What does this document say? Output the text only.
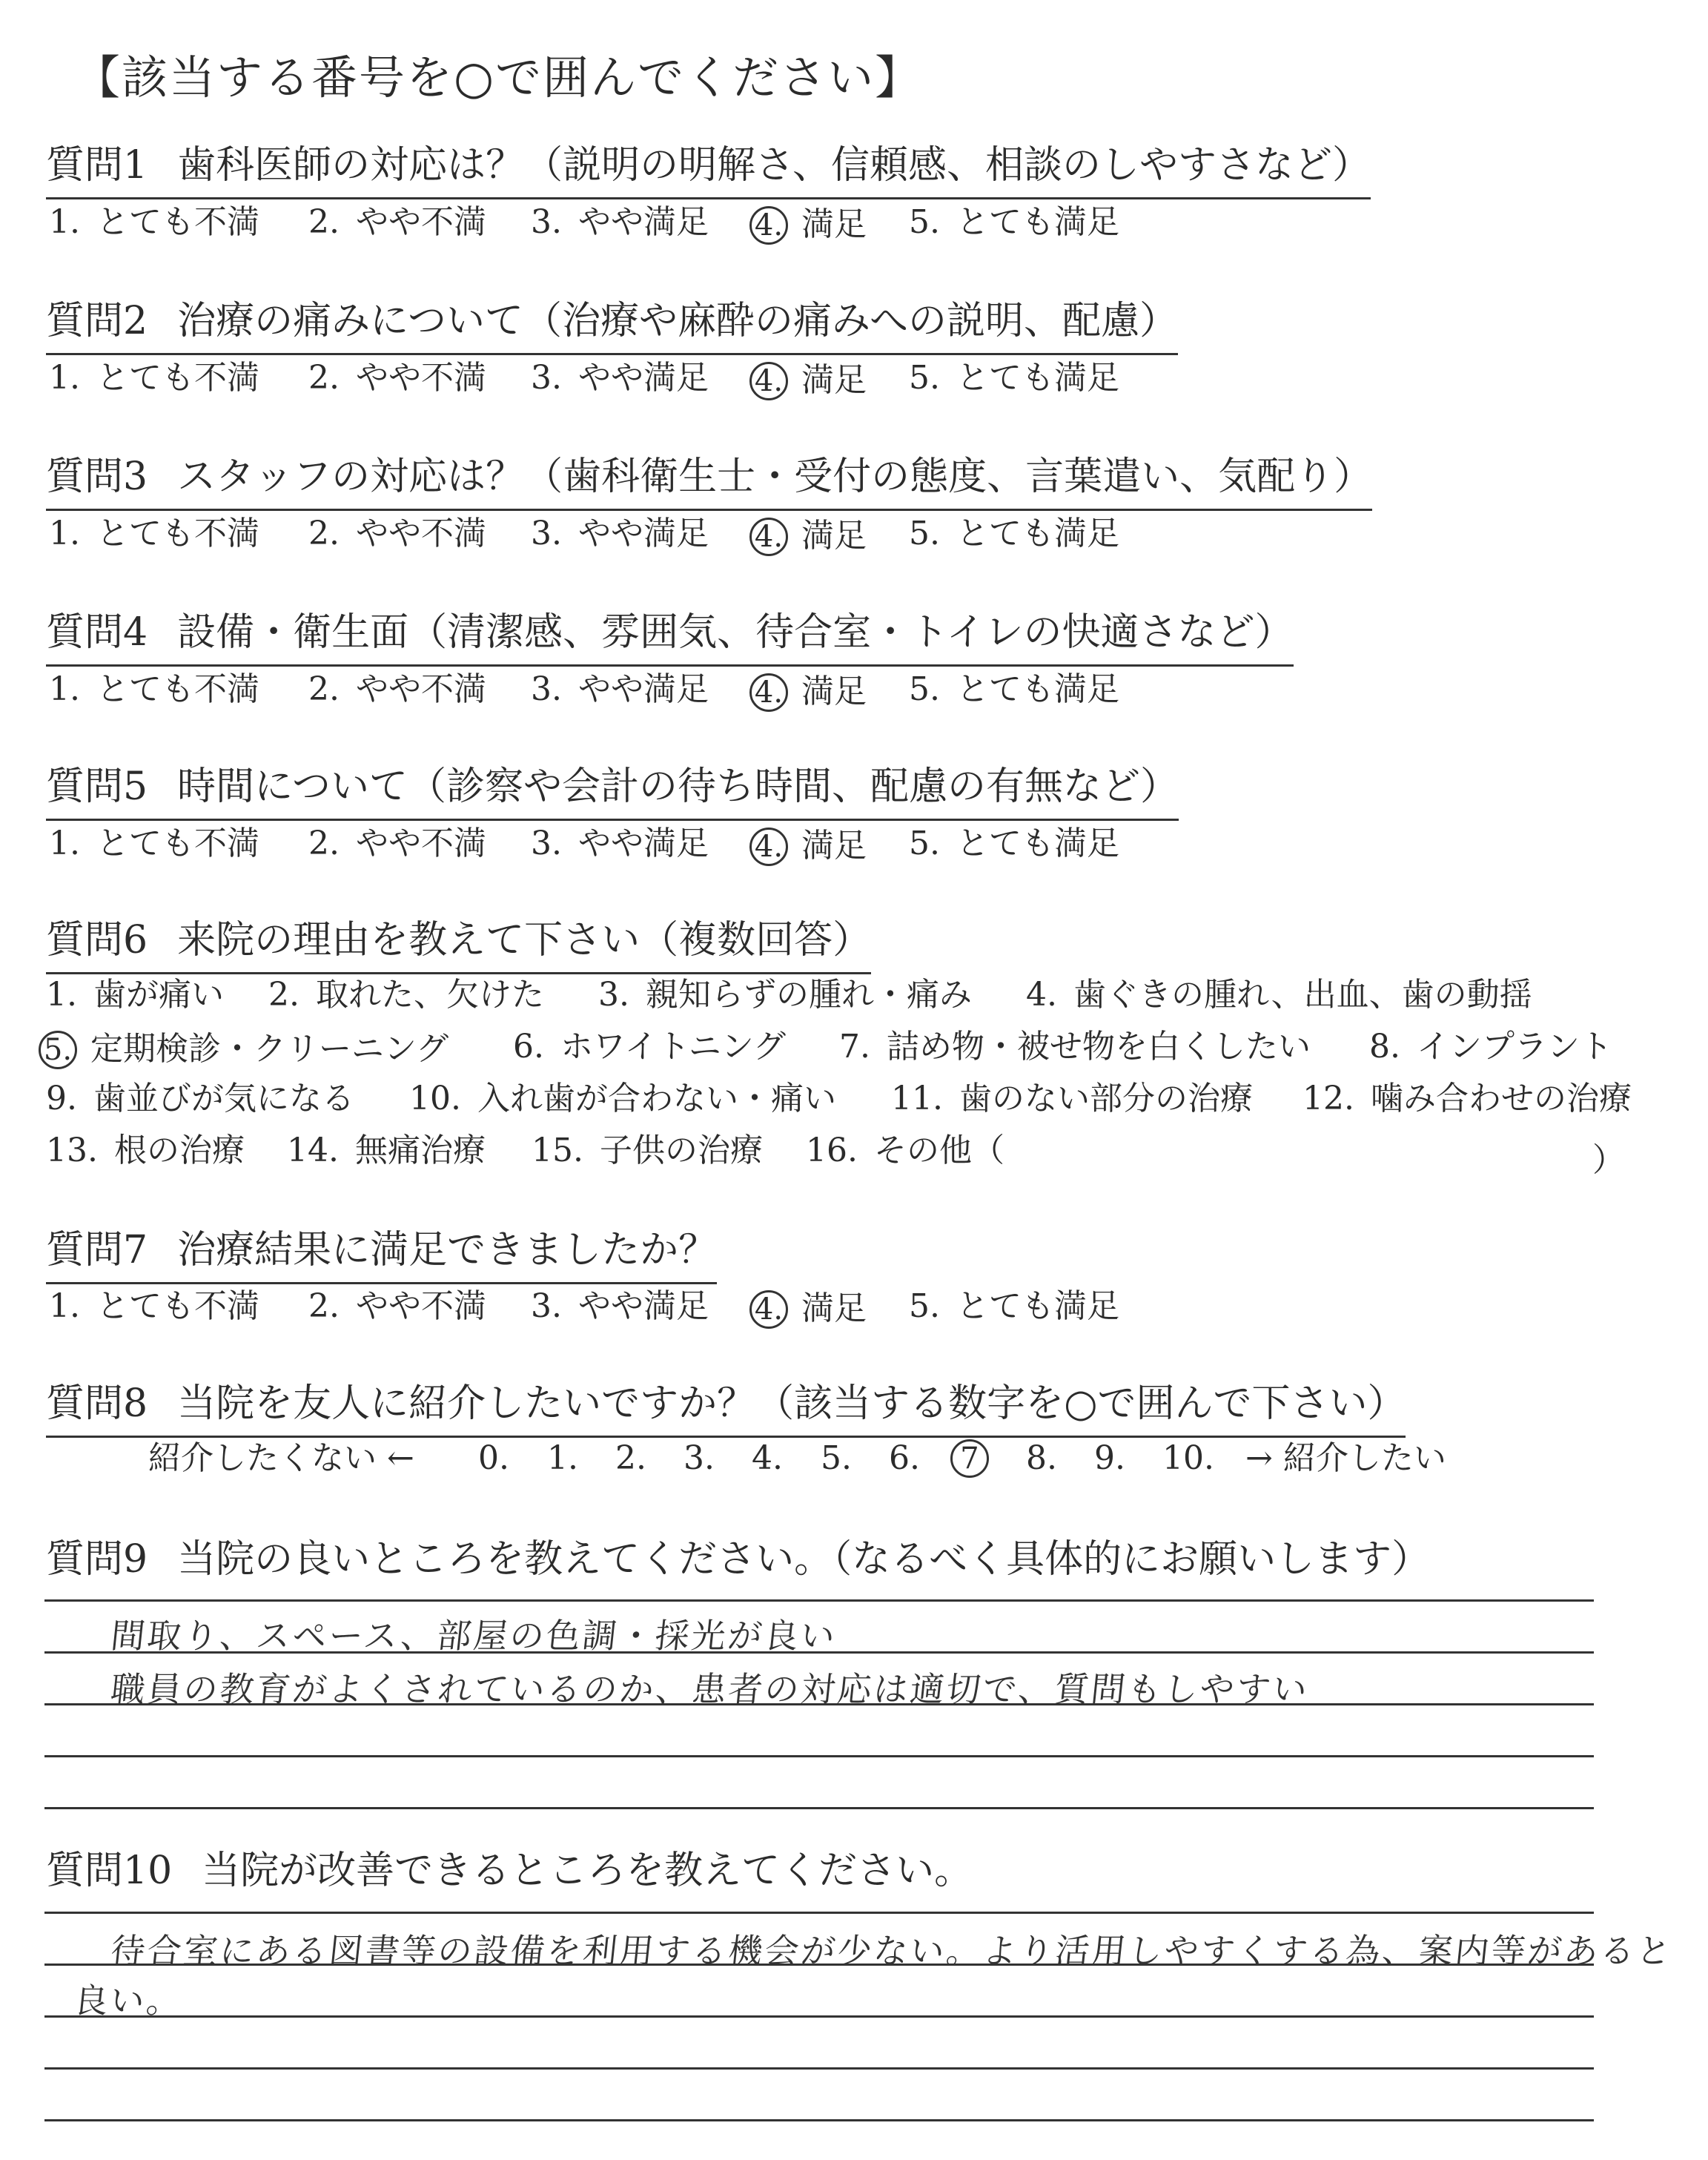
【該当する番号を○で囲んでください】
質問1 歯科医師の対応は？（説明の明解さ、信頼感、相談のしやすさなど）
1. とても不満 2. やや不満 3. やや満足 4. 満足 5. とても満足
質問2 治療の痛みについて（治療や麻酔の痛みへの説明、配慮）
1. とても不満 2. やや不満 3. やや満足 4. 満足 5. とても満足
質問3 スタッフの対応は？（歯科衛生士・受付の態度、言葉遣い、気配り）
1. とても不満 2. やや不満 3. やや満足 4. 満足 5. とても満足
質問4 設備・衛生面（清潔感、雰囲気、待合室・トイレの快適さなど）
1. とても不満 2. やや不満 3. やや満足 4. 満足 5. とても満足
質問5 時間について（診察や会計の待ち時間、配慮の有無など）
1. とても不満 2. やや不満 3. やや満足 4. 満足 5. とても満足
質問6 来院の理由を教えて下さい（複数回答）
1. 歯が痛い 2. 取れた、欠けた 3. 親知らずの腫れ・痛み 4. 歯ぐきの腫れ、出血、歯の動揺
5. 定期検診・クリーニング 6. ホワイトニング 7. 詰め物・被せ物を白くしたい 8. インプラント
9. 歯並びが気になる 10. 入れ歯が合わない・痛い 11. 歯のない部分の治療 12. 噛み合わせの治療
13. 根の治療 14. 無痛治療 15. 子供の治療 16. その他（	）
質問7 治療結果に満足できましたか？
1. とても不満 2. やや不満 3. やや満足 4. 満足 5. とても満足
質問8 当院を友人に紹介したいですか？（該当する数字を○で囲んで下さい）
紹介したくない ← 0. 1. 2. 3. 4. 5. 6.	7	8. 9. 10. → 紹介したい
質問9 当院の良いところを教えてください。（なるべく具体的にお願いします）
間取り、スペース、部屋の色調・採光が良い
職員の教育がよくされているのか、患者の対応は適切で、質問もしやすい
質問10 当院が改善できるところを教えてください。
待合室にある図書等の設備を利用する機会が少ない。より活用しやすくする為、案内等があると
良い。
